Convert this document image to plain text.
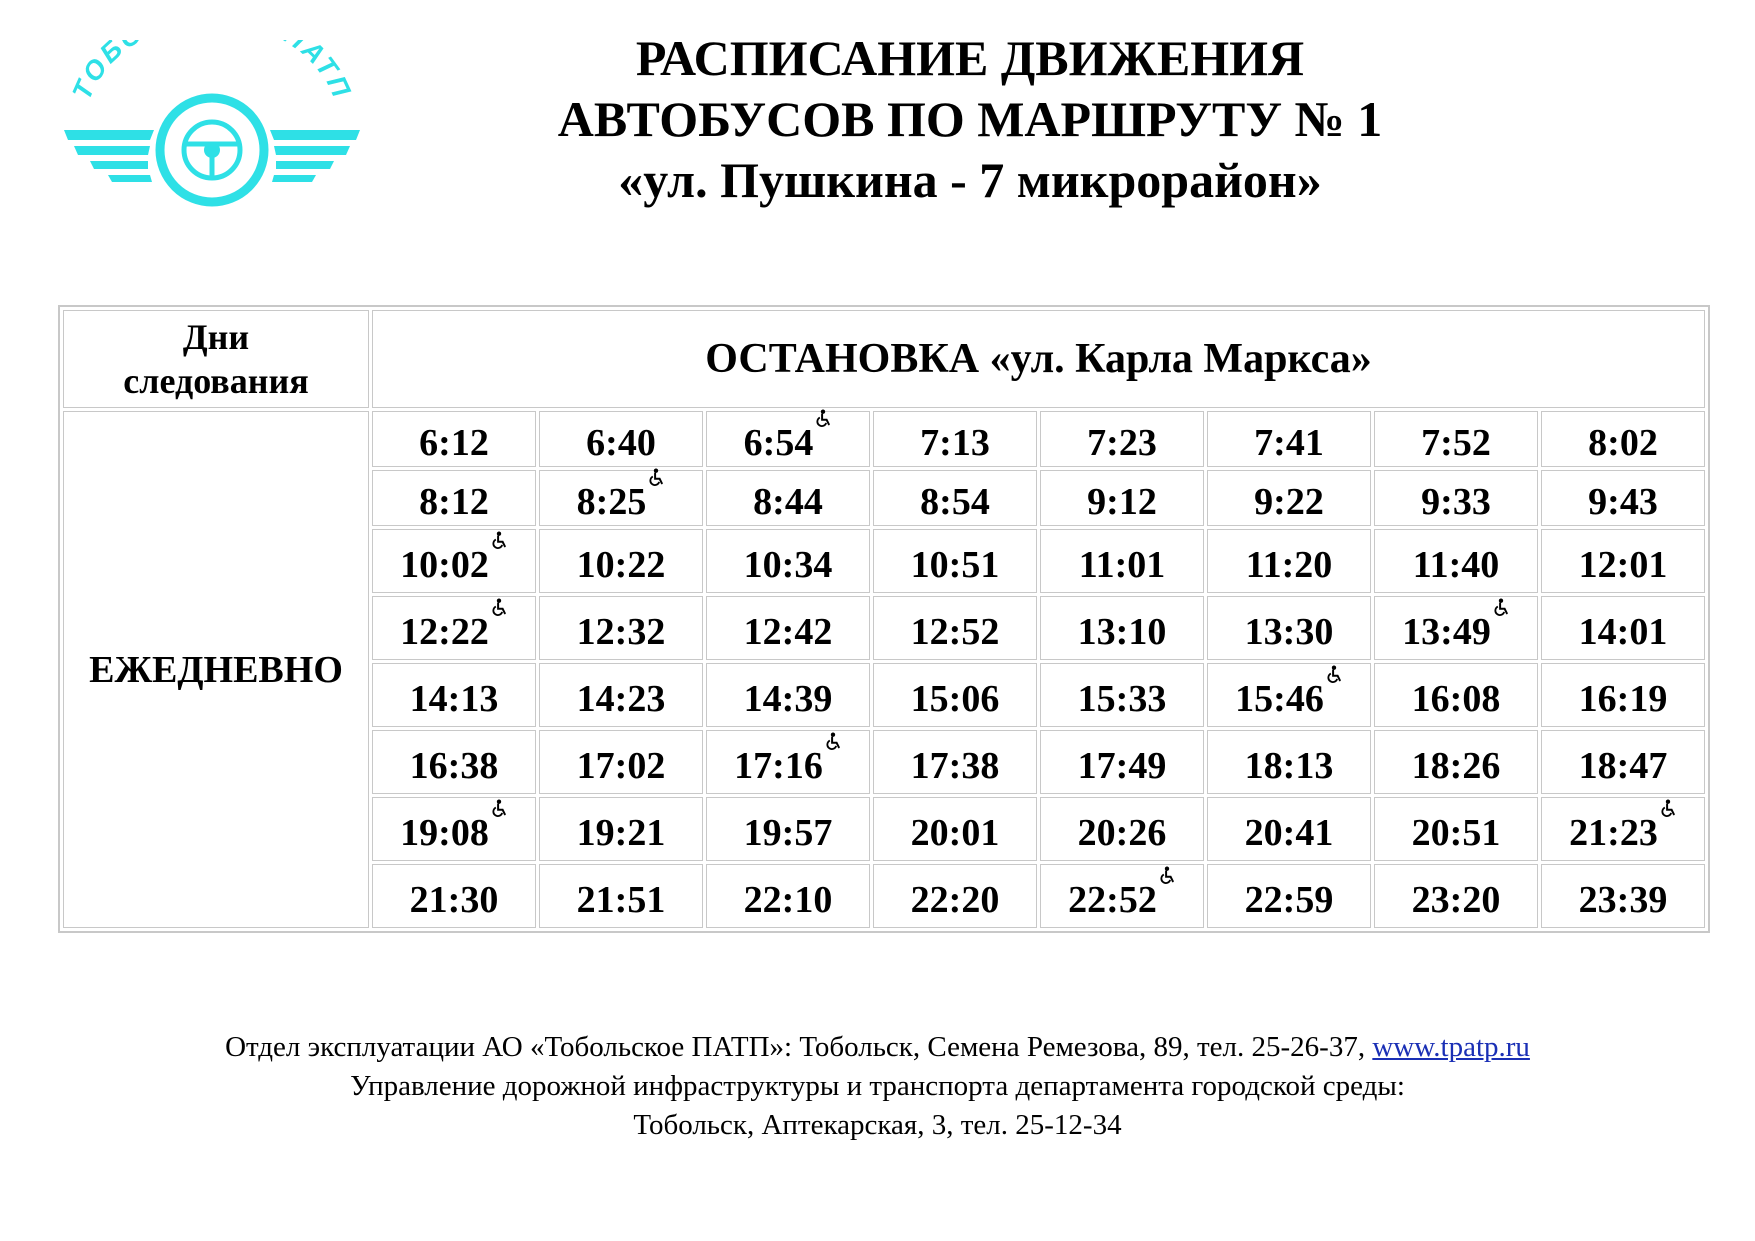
ТОБ АТП
РАСПИСАНИЕ ДВИЖЕНИЯ
АВТОБУСОВ ПО МАРШРУТУ № 1
«ул. Пушкина - 7 микрорайон»
Дни
следования	ОСТАНОВКА «ул. Карла Маркса»							
ЕЖЕДНЕВНО	6:12	6:40	6:54	7:13	7:23	7:41	7:52	8:02
	8:12	8:25	8:44	8:54	9:12	9:22	9:33	9:43
	10:02	10:22	10:34	10:51	11:01	11:20	11:40	12:01
	12:22	12:32	12:42	12:52	13:10	13:30	13:49	14:01
	14:13	14:23	14:39	15:06	15:33	15:46	16:08	16:19
	16:38	17:02	17:16	17:38	17:49	18:13	18:26	18:47
	19:08	19:21	19:57	20:01	20:26	20:41	20:51	21:23
	21:30	21:51	22:10	22:20	22:52	22:59	23:20	23:39
Отдел эксплуатации АО «Тобольское ПАТП»: Тобольск, Семена Ремезова, 89, тел. 25-26-37, www.tpatp.ru
Управление дорожной инфраструктуры и транспорта департамента городской среды:
Тобольск, Аптекарская, 3, тел. 25-12-34
